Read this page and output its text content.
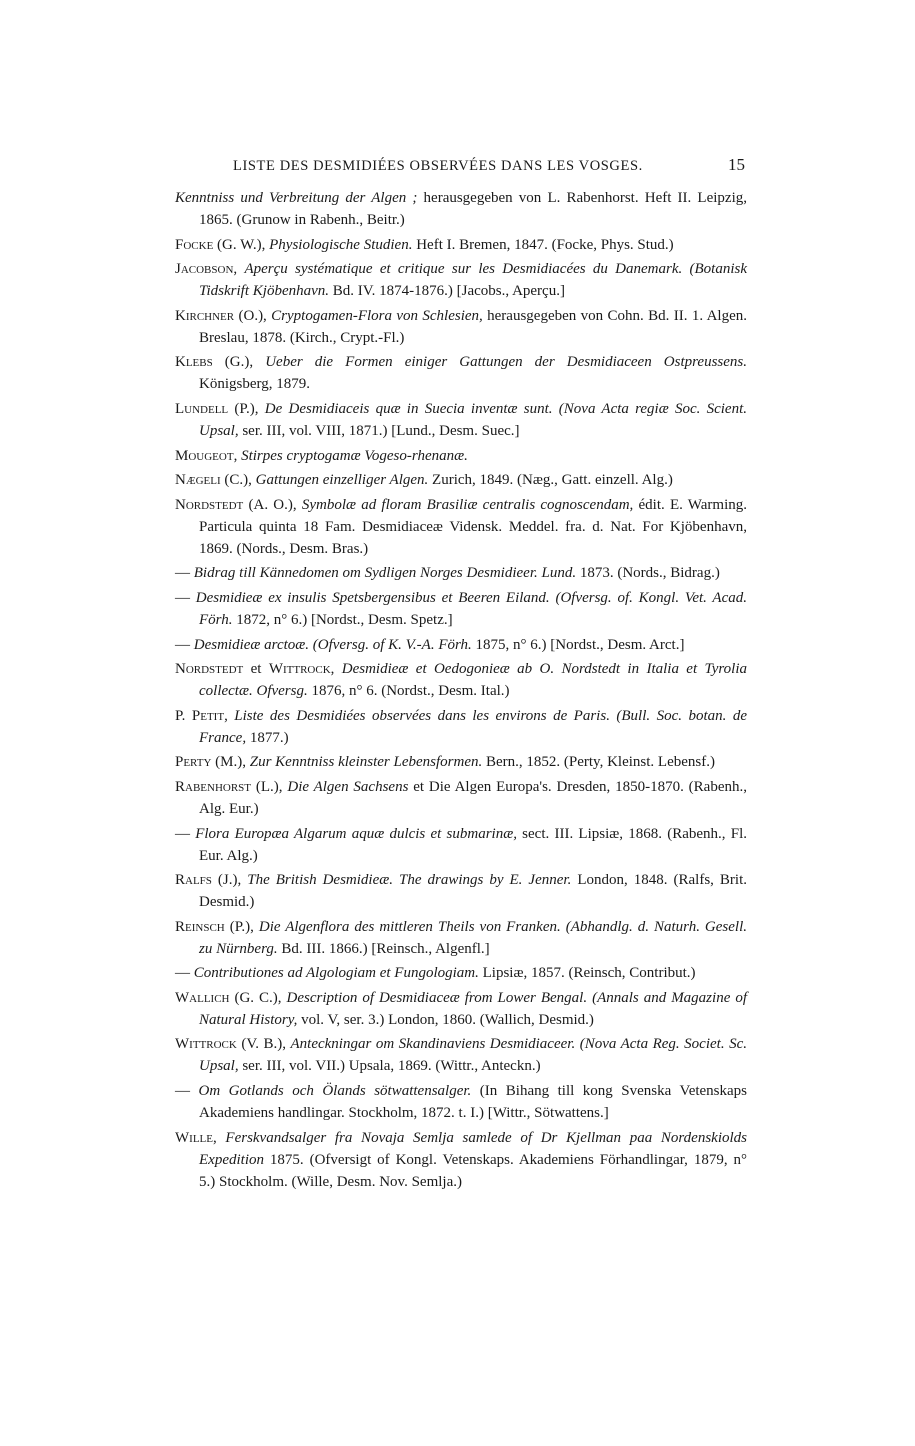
LISTE DES DESMIDIÉES OBSERVÉES DANS LES VOSGES.	15

Kenntniss und Verbreitung der Algen ; herausgegeben von L. Rabenhorst. Heft II. Leipzig, 1865. (Grunow in Rabenh., Beitr.)

Focke (G. W.), Physiologische Studien. Heft I. Bremen, 1847. (Focke, Phys. Stud.)

Jacobson, Aperçu systématique et critique sur les Desmidiacées du Danemark. (Botanisk Tidskrift Kjöbenhavn. Bd. IV. 1874-1876.) [Jacobs., Aperçu.]

Kirchner (O.), Cryptogamen-Flora von Schlesien, herausgegeben von Cohn. Bd. II. 1. Algen. Breslau, 1878. (Kirch., Crypt.-Fl.)

Klebs (G.), Ueber die Formen einiger Gattungen der Desmidiaceen Ostpreussens. Königsberg, 1879.

Lundell (P.), De Desmidiaceis quæ in Suecia inventæ sunt. (Nova Acta regiæ Soc. Scient. Upsal, ser. III, vol. VIII, 1871.) [Lund., Desm. Suec.]

Mougeot, Stirpes cryptogamæ Vogeso-rhenanæ.

Nægeli (C.), Gattungen einzelliger Algen. Zurich, 1849. (Næg., Gatt. einzell. Alg.)

Nordstedt (A. O.), Symbolæ ad floram Brasiliæ centralis cognoscendam, édit. E. Warming. Particula quinta 18 Fam. Desmidiaceæ Vidensk. Meddel. fra. d. Nat. For Kjöbenhavn, 1869. (Nords., Desm. Bras.)

— Bidrag till Kännedomen om Sydligen Norges Desmidieer. Lund. 1873. (Nords., Bidrag.)

— Desmidieæ ex insulis Spetsbergensibus et Beeren Eiland. (Ofversg. of. Kongl. Vet. Acad. Förh. 1872, n° 6.) [Nordst., Desm. Spetz.]

— Desmidieæ arctoæ. (Ofversg. of K. V.-A. Förh. 1875, n° 6.) [Nordst., Desm. Arct.]

Nordstedt et Wittrock, Desmidieæ et Oedogonieæ ab O. Nordstedt in Italia et Tyrolia collectæ. Ofversg. 1876, n° 6. (Nordst., Desm. Ital.)

P. Petit, Liste des Desmidiées observées dans les environs de Paris. (Bull. Soc. botan. de France, 1877.)

Perty (M.), Zur Kenntniss kleinster Lebensformen. Bern., 1852. (Perty, Kleinst. Lebensf.)

Rabenhorst (L.), Die Algen Sachsens et Die Algen Europa's. Dresden, 1850-1870. (Rabenh., Alg. Eur.)

— Flora Europæa Algarum aquæ dulcis et submarinæ, sect. III. Lipsiæ, 1868. (Rabenh., Fl. Eur. Alg.)

Ralfs (J.), The British Desmidieæ. The drawings by E. Jenner. London, 1848. (Ralfs, Brit. Desmid.)

Reinsch (P.), Die Algenflora des mittleren Theils von Franken. (Abhandlg. d. Naturh. Gesell. zu Nürnberg. Bd. III. 1866.) [Reinsch., Algenfl.]

— Contributiones ad Algologiam et Fungologiam. Lipsiæ, 1857. (Reinsch, Contribut.)

Wallich (G. C.), Description of Desmidiaceæ from Lower Bengal. (Annals and Magazine of Natural History, vol. V, ser. 3.) London, 1860. (Wallich, Desmid.)

Wittrock (V. B.), Anteckningar om Skandinaviens Desmidiaceer. (Nova Acta Reg. Societ. Sc. Upsal, ser. III, vol. VII.) Upsala, 1869. (Wittr., Anteckn.)

— Om Gotlands och Ölands sötwattensalger. (In Bihang till kong Svenska Vetenskaps Akademiens handlingar. Stockholm, 1872. t. I.) [Wittr., Sötwattens.]

Wille, Ferskvandsalger fra Novaja Semlja samlede of Dr Kjellman paa Nordenskiolds Expedition 1875. (Ofversigt of Kongl. Vetenskaps. Akademiens Förhandlingar, 1879, n° 5.) Stockholm. (Wille, Desm. Nov. Semlja.)
